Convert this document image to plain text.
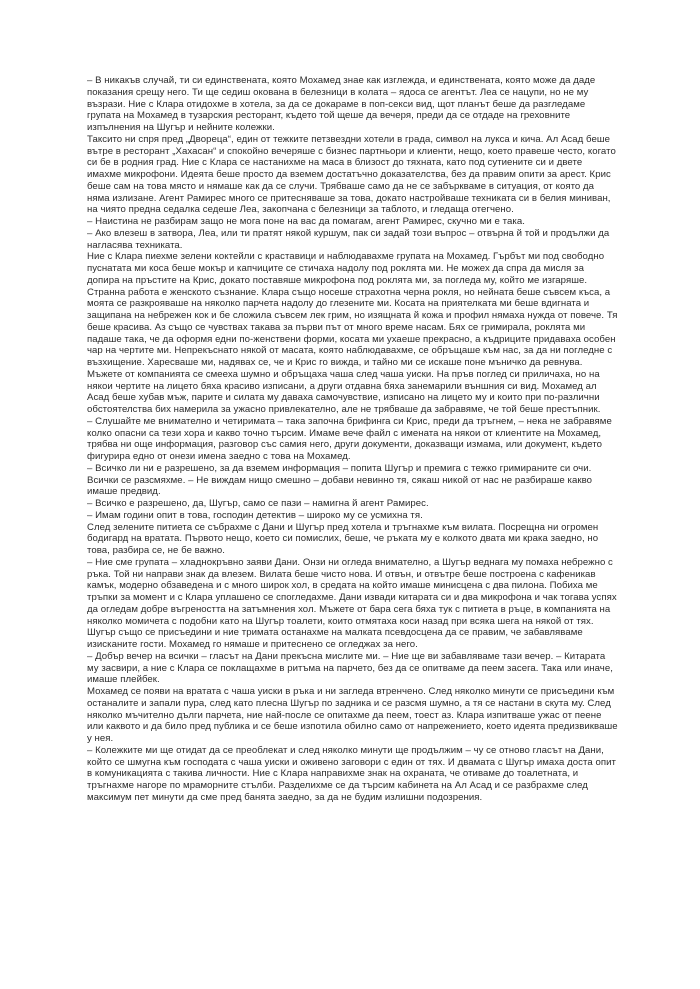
– В никакъв случай, ти си единствената, която Мохамед знае как изглежда, и единствената, която може да даде показания срещу него. Ти ще седиш окована в белезници в колата – ядоса се агентът. Леа се нацупи, но не му възрази. Ние с Клара отидохме в хотела, за да се докараме в поп-секси вид, щот планът беше да разгледаме групата на Мохамед в тузарския ресторант, където той щеше да вечеря, преди да се отдаде на греховните изпълнения на Шугър и нейните колежки.

Таксито ни спря пред „Двореца“, един от тежките петзвездни хотели в града, символ на лукса и кича. Ал Асад беше вътре в ресторант „Хахасан“ и спокойно вечеряше с бизнес партньори и клиенти, нещо, което правеше често, когато си бе в родния град. Ние с Клара се настанихме на маса в близост до тяхната, като под сутиените си и двете имахме микрофони. Идеята беше просто да вземем достатъчно доказателства, без да правим опити за арест. Крис беше сам на това място и нямаше как да се случи. Трябваше само да не се забъркваме в ситуация, от която да няма излизане. Агент Рамирес много се притесняваше за това, докато настройваше техниката си в белия миниван, на чиято предна седалка седеше Леа, закопчана с белезници за таблото, и гледаща отегчено.

– Наистина не разбирам защо не мога поне на вас да помагам, агент Рамирес, скучно ми е така.

– Ако влезеш в затвора, Леа, или ти пратят някой куршум, пак си задай този въпрос – отвърна й той и продължи да нагласява техниката.

Ние с Клара пиехме зелени коктейли с краставици и наблюдавахме групата на Мохамед. Гърбът ми под свободно пуснатата ми коса беше мокър и капчиците се стичаха надолу под роклята ми. Не можех да спра да мисля за допира на пръстите на Крис, докато поставяше микрофона под роклята ми, за погледа му, който ме изгаряше. Странна работа е женското съзнание. Клара също носеше страхотна черна рокля, но нейната беше съвсем къса, а моята се разкрояваше на няколко парчета надолу до глезените ми. Косата на приятелката ми беше вдигната и защипана на небрежен кок и бе сложила съвсем лек грим, но изящната й кожа и профил нямаха нужда от повече. Тя беше красива. Аз също се чувствах такава за първи път от много време насам. Бях се гримирала, роклята ми падаше така, че да оформя едни по-женствени форми, косата ми ухаеше прекрасно, а къдриците придаваха особен чар на чертите ми. Непрекъснато някой от масата, която наблюдавахме, се обръщаше към нас, за да ни погледне с възхищение. Харесваше ми, надявах се, че и Крис го вижда, и тайно ми се искаше поне мъничко да ревнува. Мъжете от компанията се смееха шумно и обръщаха чаша след чаша уиски. На пръв поглед си приличаха, но на някои чертите на лицето бяха красиво изписани, а други отдавна бяха занемарили външния си вид. Мохамед ал Асад беше хубав мъж, парите и силата му даваха самочувствие, изписано на лицето му и които при по-различни обстоятелства бих намерила за ужасно привлекателно, але не трябваше да забравяме, че той беше престъпник.

– Слушайте ме внимателно и четиримата – така започна брифинга си Крис, преди да тръгнем, – нека не забравяме колко опасни са тези хора и какво точно търсим. Имаме вече файл с имената на някои от клиентите на Мохамед, трябва ни още информация, разговор със самия него, други документи, доказващи измама, или документ, където фигурира едно от онези имена заедно с това на Мохамед.

– Всичко ли ни е разрешено, за да вземем информация – попита Шугър и премига с тежко гримираните си очи. Всички се разсмяхме. – Не виждам нищо смешно – добави невинно тя, сякаш никой от нас не разбираше какво имаше предвид.

– Всичко е разрешено, да, Шугър, само се пази – намигна й агент Рамирес.

– Имам години опит в това, господин детектив – широко му се усмихна тя.

След зелените питиета се събрахме с Дани и Шугър пред хотела и тръгнахме към вилата. Посрещна ни огромен бодигард на вратата. Първото нещо, което си помислих, беше, че ръката му е колкото двата ми крака заедно, но това, разбира се, не бе важно.

– Ние сме групата – хладнокръвно заяви Дани. Онзи ни огледа внимателно, а Шугър веднага му помаха небрежно с ръка. Той ни направи знак да влезем. Вилата беше чисто нова. И отвън, и отвътре беше построена с кафеникав камък, модерно обзаведена и с много широк хол, в средата на който имаше минисцена с два пилона. Побиха ме тръпки за момент и с Клара уплашено се спогледахме. Дани извади китарата си и два микрофона и чак тогава успях да огледам добре въгреността на затъмнения хол. Мъжете от бара сега бяха тук с питиета в ръце, в компанията на няколко момичета с подобни като на Шугър тоалети, които отмятаха коси назад при всяка шега на някой от тях. Шугър също се присъедини и ние тримата останахме на малката псевдосцена да се правим, че забавляваме изисканите гости. Мохамед го нямаше и притеснено се огледжах за него.

– Добър вечер на всички – гласът на Дани прекъсна мислите ми. – Ние ще ви забавляваме тази вечер. – Китарата му засвири, а ние с Клара се поклащахме в ритъма на парчето, без да се опитваме да пеем засега. Така или иначе, имаше плейбек.

Мохамед се появи на вратата с чаша уиски в ръка и ни загледа втренчено. След няколко минути се присъедини към останалите и запали пура, след като плесна Шугър по задника и се разсмя шумно, а тя се настани в скута му. След няколко мъчително дълги парчета, ние най-после се опитахме да пеем, тоест аз. Клара изпитваше ужас от пеене или каквото и да било пред публика и се беше изпотила обилно само от напрежението, което идеята предизвикваше у нея.

– Колежките ми ще отидат да се преоблекат и след няколко минути ще продължим – чу се отново гласът на Дани, който се шмугна към господата с чаша уиски и оживено заговори с един от тях. И двамата с Шугър имаха доста опит в комуникацията с такива личности. Ние с Клара направихме знак на охраната, че отиваме до тоалетната, и тръгнахме нагоре по мраморните стълби. Разделихме се да търсим кабинета на Ал Асад и се разбрахме след максимум пет минути да сме пред банята заедно, за да не будим излишни подозрения.
